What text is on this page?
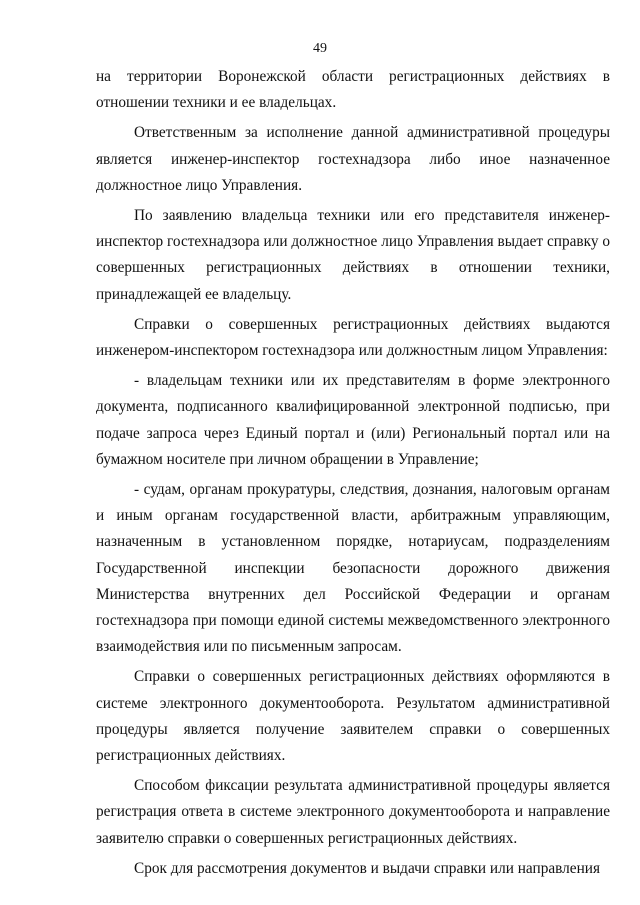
49

на территории Воронежской области регистрационных действиях в отношении техники и ее владельцах.

Ответственным за исполнение данной административной процедуры является инженер-инспектор гостехнадзора либо иное назначенное должностное лицо Управления.

По заявлению владельца техники или его представителя инженер-инспектор гостехнадзора или должностное лицо Управления выдает справку о совершенных регистрационных действиях в отношении техники, принадлежащей ее владельцу.

Справки о совершенных регистрационных действиях выдаются инженером-инспектором гостехнадзора или должностным лицом Управления:

- владельцам техники или их представителям в форме электронного документа, подписанного квалифицированной электронной подписью, при подаче запроса через Единый портал и (или) Региональный портал или на бумажном носителе при личном обращении в Управление;

- судам, органам прокуратуры, следствия, дознания, налоговым органам и иным органам государственной власти, арбитражным управляющим, назначенным в установленном порядке, нотариусам, подразделениям Государственной инспекции безопасности дорожного движения Министерства внутренних дел Российской Федерации и органам гостехнадзора при помощи единой системы межведомственного электронного взаимодействия или по письменным запросам.

Справки о совершенных регистрационных действиях оформляются в системе электронного документооборота. Результатом административной процедуры является получение заявителем справки о совершенных регистрационных действиях.

Способом фиксации результата административной процедуры является регистрация ответа в системе электронного документооборота и направление заявителю справки о совершенных регистрационных действиях.

Срок для рассмотрения документов и выдачи справки или направления
